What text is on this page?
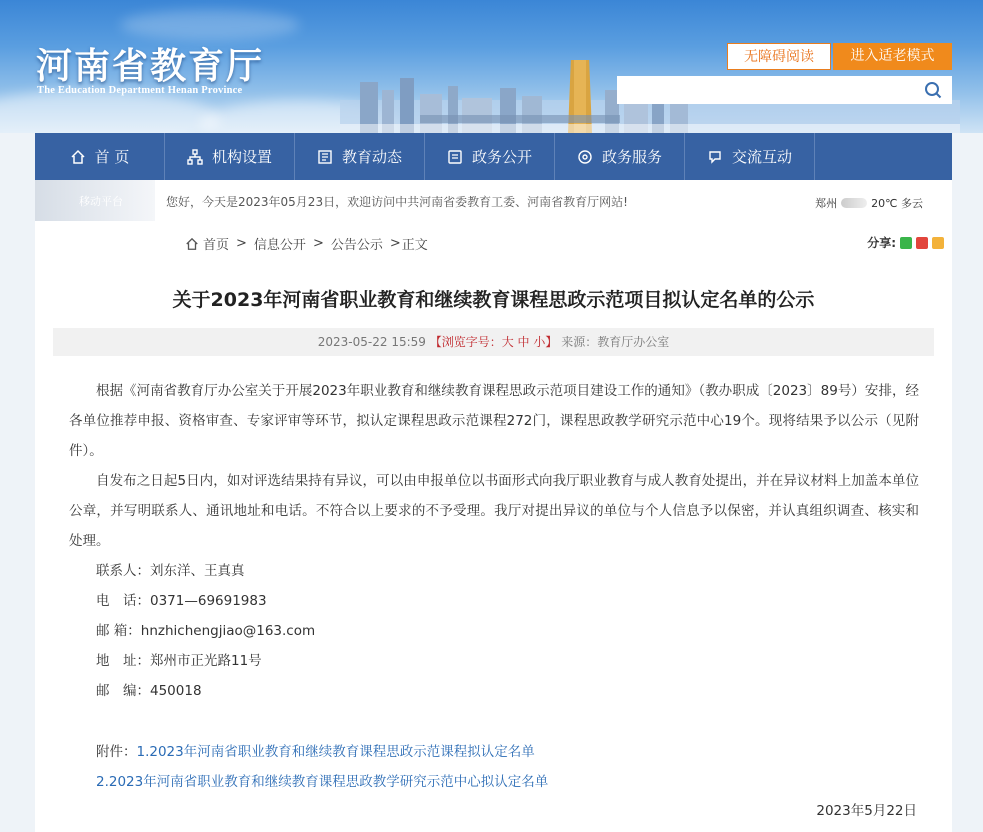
河南省教育厅
The Education Department Henan Province
无障碍阅读	进入适老模式
首 页	机构设置	教育动态	政务公开	政务服务	交流互动
移动平台	您好，今天是2023年05月23日，欢迎访问中共河南省委教育工委、河南省教育厅网站!	郑州	20℃ 多云
首页 > 信息公开 > 公告公示 > 正文	分享:
关于2023年河南省职业教育和继续教育课程思政示范项目拟认定名单的公示
2023-05-22 15:59 【浏览字号：大 中 小】 来源：教育厅办公室

根据《河南省教育厅办公室关于开展2023年职业教育和继续教育课程思政示范项目建设工作的通知》（教办职成〔2023〕89号）安排，经各单位推荐申报、资格审查、专家评审等环节，拟认定课程思政示范课程272门，课程思政教学研究示范中心19个。现将结果予以公示（见附件）。

自发布之日起5日内，如对评选结果持有异议，可以由申报单位以书面形式向我厅职业教育与成人教育处提出，并在异议材料上加盖本单位公章，并写明联系人、通讯地址和电话。不符合以上要求的不予受理。我厅对提出异议的单位与个人信息予以保密，并认真组织调查、核实和处理。

联系人：刘东洋、王真真
电　话：0371—69691983
邮 箱：hnzhichengjiao@163.com
地　址：郑州市正光路11号
邮　编：450018
附件：1.2023年河南省职业教育和继续教育课程思政示范课程拟认定名单
2.2023年河南省职业教育和继续教育课程思政教学研究示范中心拟认定名单
2023年5月22日
